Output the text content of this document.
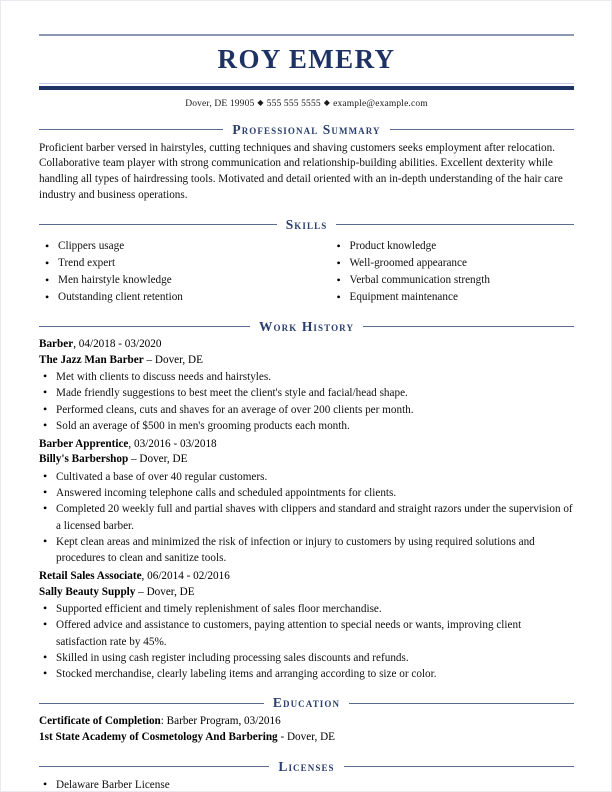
ROY EMERY
Dover, DE 19905 ◆ 555 555 5555 ◆ example@example.com
Professional Summary
Proficient barber versed in hairstyles, cutting techniques and shaving customers seeks employment after relocation. Collaborative team player with strong communication and relationship-building abilities. Excellent dexterity while handling all types of hairdressing tools. Motivated and detail oriented with an in-depth understanding of the hair care industry and business operations.
Skills
• Clippers usage
• Trend expert
• Men hairstyle knowledge
• Outstanding client retention
• Product knowledge
• Well-groomed appearance
• Verbal communication strength
• Equipment maintenance
Work History
Barber, 04/2018 - 03/2020
The Jazz Man Barber – Dover, DE
• Met with clients to discuss needs and hairstyles.
• Made friendly suggestions to best meet the client's style and facial/head shape.
• Performed cleans, cuts and shaves for an average of over 200 clients per month.
• Sold an average of $500 in men's grooming products each month.
Barber Apprentice, 03/2016 - 03/2018
Billy's Barbershop – Dover, DE
• Cultivated a base of over 40 regular customers.
• Answered incoming telephone calls and scheduled appointments for clients.
• Completed 20 weekly full and partial shaves with clippers and standard and straight razors under the supervision of a licensed barber.
• Kept clean areas and minimized the risk of infection or injury to customers by using required solutions and procedures to clean and sanitize tools.
Retail Sales Associate, 06/2014 - 02/2016
Sally Beauty Supply – Dover, DE
• Supported efficient and timely replenishment of sales floor merchandise.
• Offered advice and assistance to customers, paying attention to special needs or wants, improving client satisfaction rate by 45%.
• Skilled in using cash register including processing sales discounts and refunds.
• Stocked merchandise, clearly labeling items and arranging according to size or color.
Education
Certificate of Completion: Barber Program, 03/2016
1st State Academy of Cosmetology And Barbering - Dover, DE
Licenses
• Delaware Barber License
